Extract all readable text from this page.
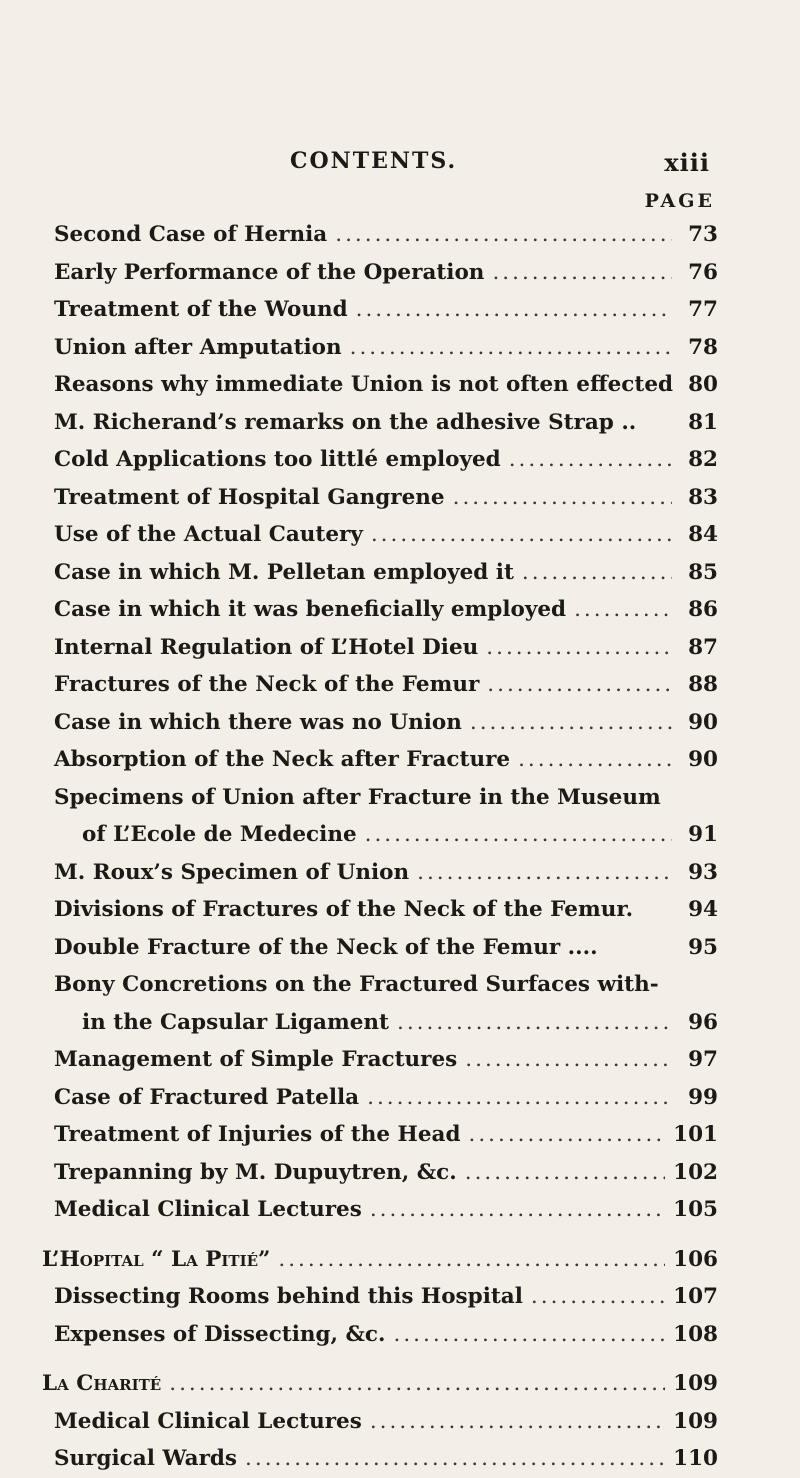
CONTENTS.	xiii
PAGE
Second Case of Hernia .....	73
Early Performance of the Operation .....	76
Treatment of the Wound .....	77
Union after Amputation .....	78
Reasons why immediate Union is not often effected 80
M. Richerand’s remarks on the adhesive Strap ..	81
Cold Applications too littlé employed .....	82
Treatment of Hospital Gangrene .....	83
Use of the Actual Cautery .....	84
Case in which M. Pelletan employed it .....	85
Case in which it was beneficially employed .....	86
Internal Regulation of L’Hotel Dieu .....	87
Fractures of the Neck of the Femur .....	88
Case in which there was no Union .....	90
Absorption of the Neck after Fracture .....	90
Specimens of Union after Fracture in the Museum
of L’Ecole de Medecine .....	91
M. Roux’s Specimen of Union .....	93
Divisions of Fractures of the Neck of the Femur.	94
Double Fracture of the Neck of the Femur ....	95
Bony Concretions on the Fractured Surfaces with-
in the Capsular Ligament .....	96
Management of Simple Fractures .....	97
Case of Fractured Patella .....	99
Treatment of Injuries of the Head .....	101
Trepanning by M. Dupuytren, &c. .....	102
Medical Clinical Lectures .....	105
L’Hopital “ La Pitié” .....	106
Dissecting Rooms behind this Hospital .....	107
Expenses of Dissecting, &c. .....	108
La Charité .....	109
Medical Clinical Lectures .....	109
Surgical Wards .....	110
